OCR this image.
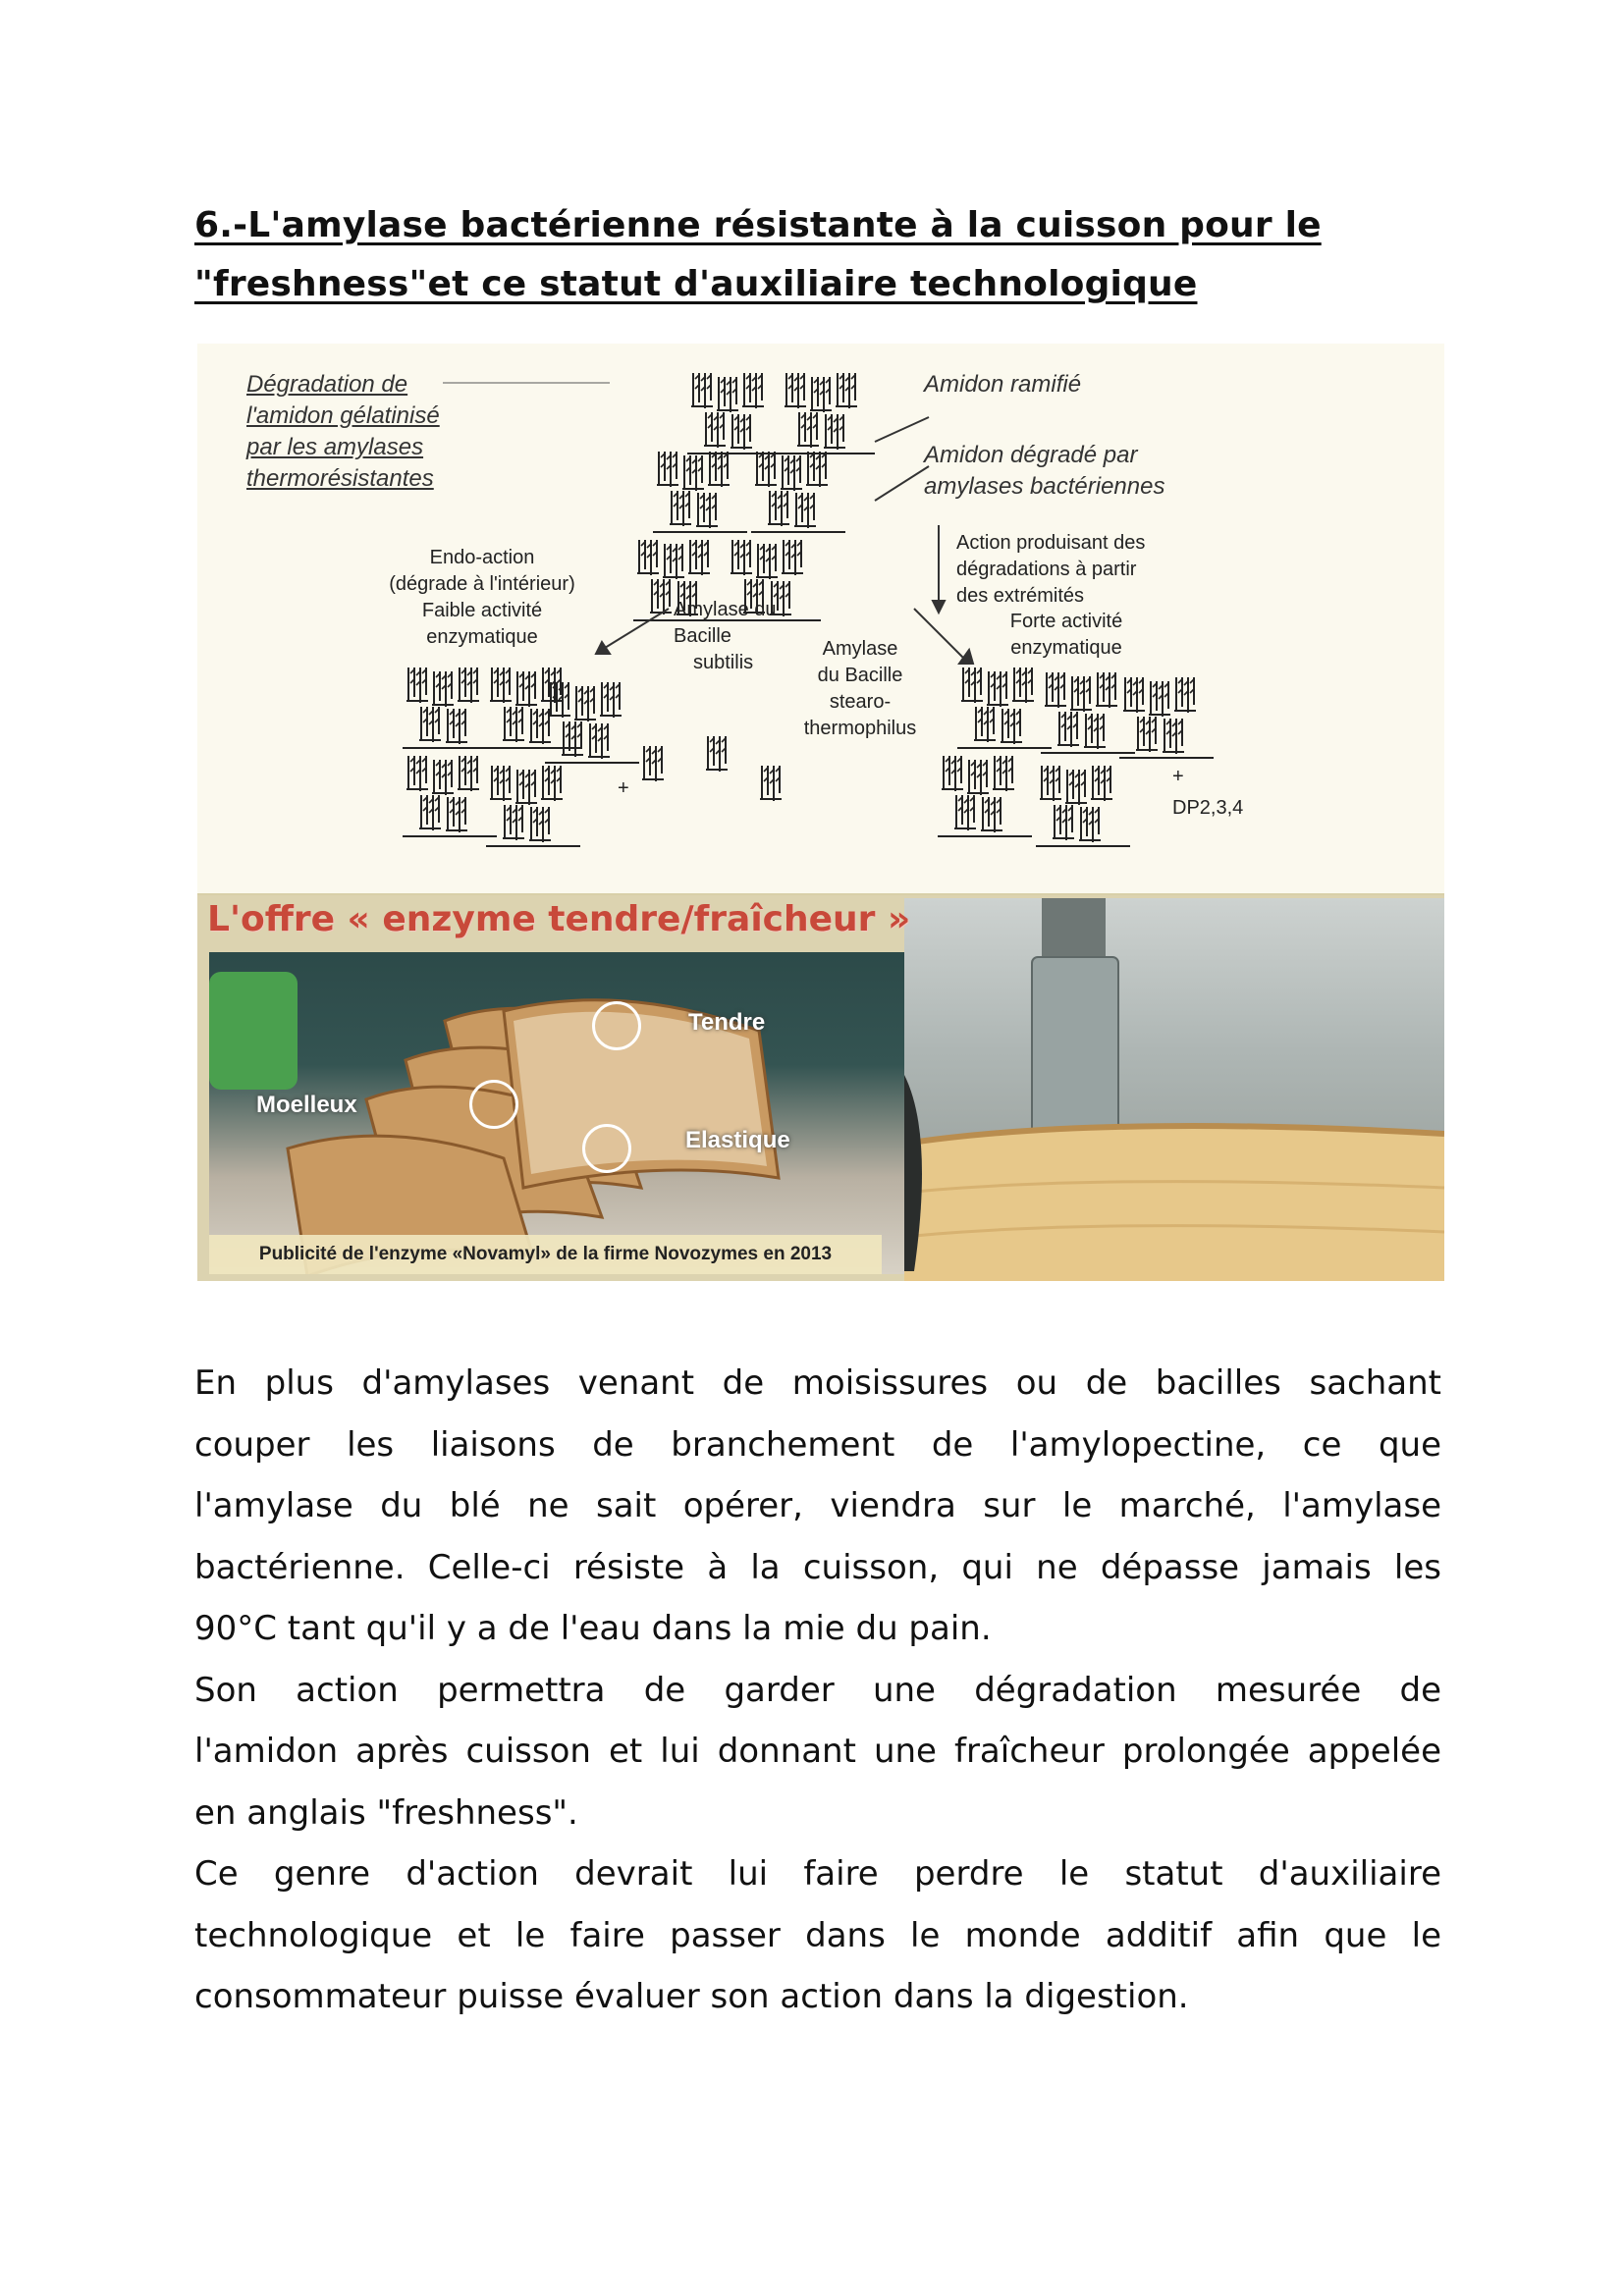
6.-L'amylase bactérienne résistante à la cuisson pour le
"freshness"et ce statut d'auxiliaire technologique
Dégradation de
l'amidon gélatinisé
par les amylases
thermorésistantes
Amidon ramifié
Amidon dégradé par
amylases bactériennes
Endo-action
(dégrade à l'intérieur)
Faible activité
enzymatique
Action produisant des
dégradations à partir
des extrémités
Forte activité
enzymatique
Amylase du
Bacille
subtilis
Amylase
du Bacille
stearo-
thermophilus
+
+
DP2,3,4
Tendre
Moelleux
Elastique
L'offre « enzyme tendre/fraîcheur »
Publicité de l'enzyme «Novamyl» de la firme Novozymes en 2013
En plus d'amylases venant de moisissures ou de bacilles sachant
couper les liaisons de branchement de l'amylopectine, ce que
l'amylase du blé ne sait opérer, viendra sur le marché, l'amylase
bactérienne. Celle-ci résiste à la cuisson, qui ne dépasse jamais les
90°C tant qu'il y a de l'eau dans la mie du pain.
Son action permettra de garder une dégradation mesurée de
l'amidon après cuisson et lui donnant une fraîcheur prolongée appelée
en anglais "freshness".
Ce genre d'action devrait lui faire perdre le statut d'auxiliaire
technologique et le faire passer dans le monde additif afin que le
consommateur puisse évaluer son action dans la digestion.
